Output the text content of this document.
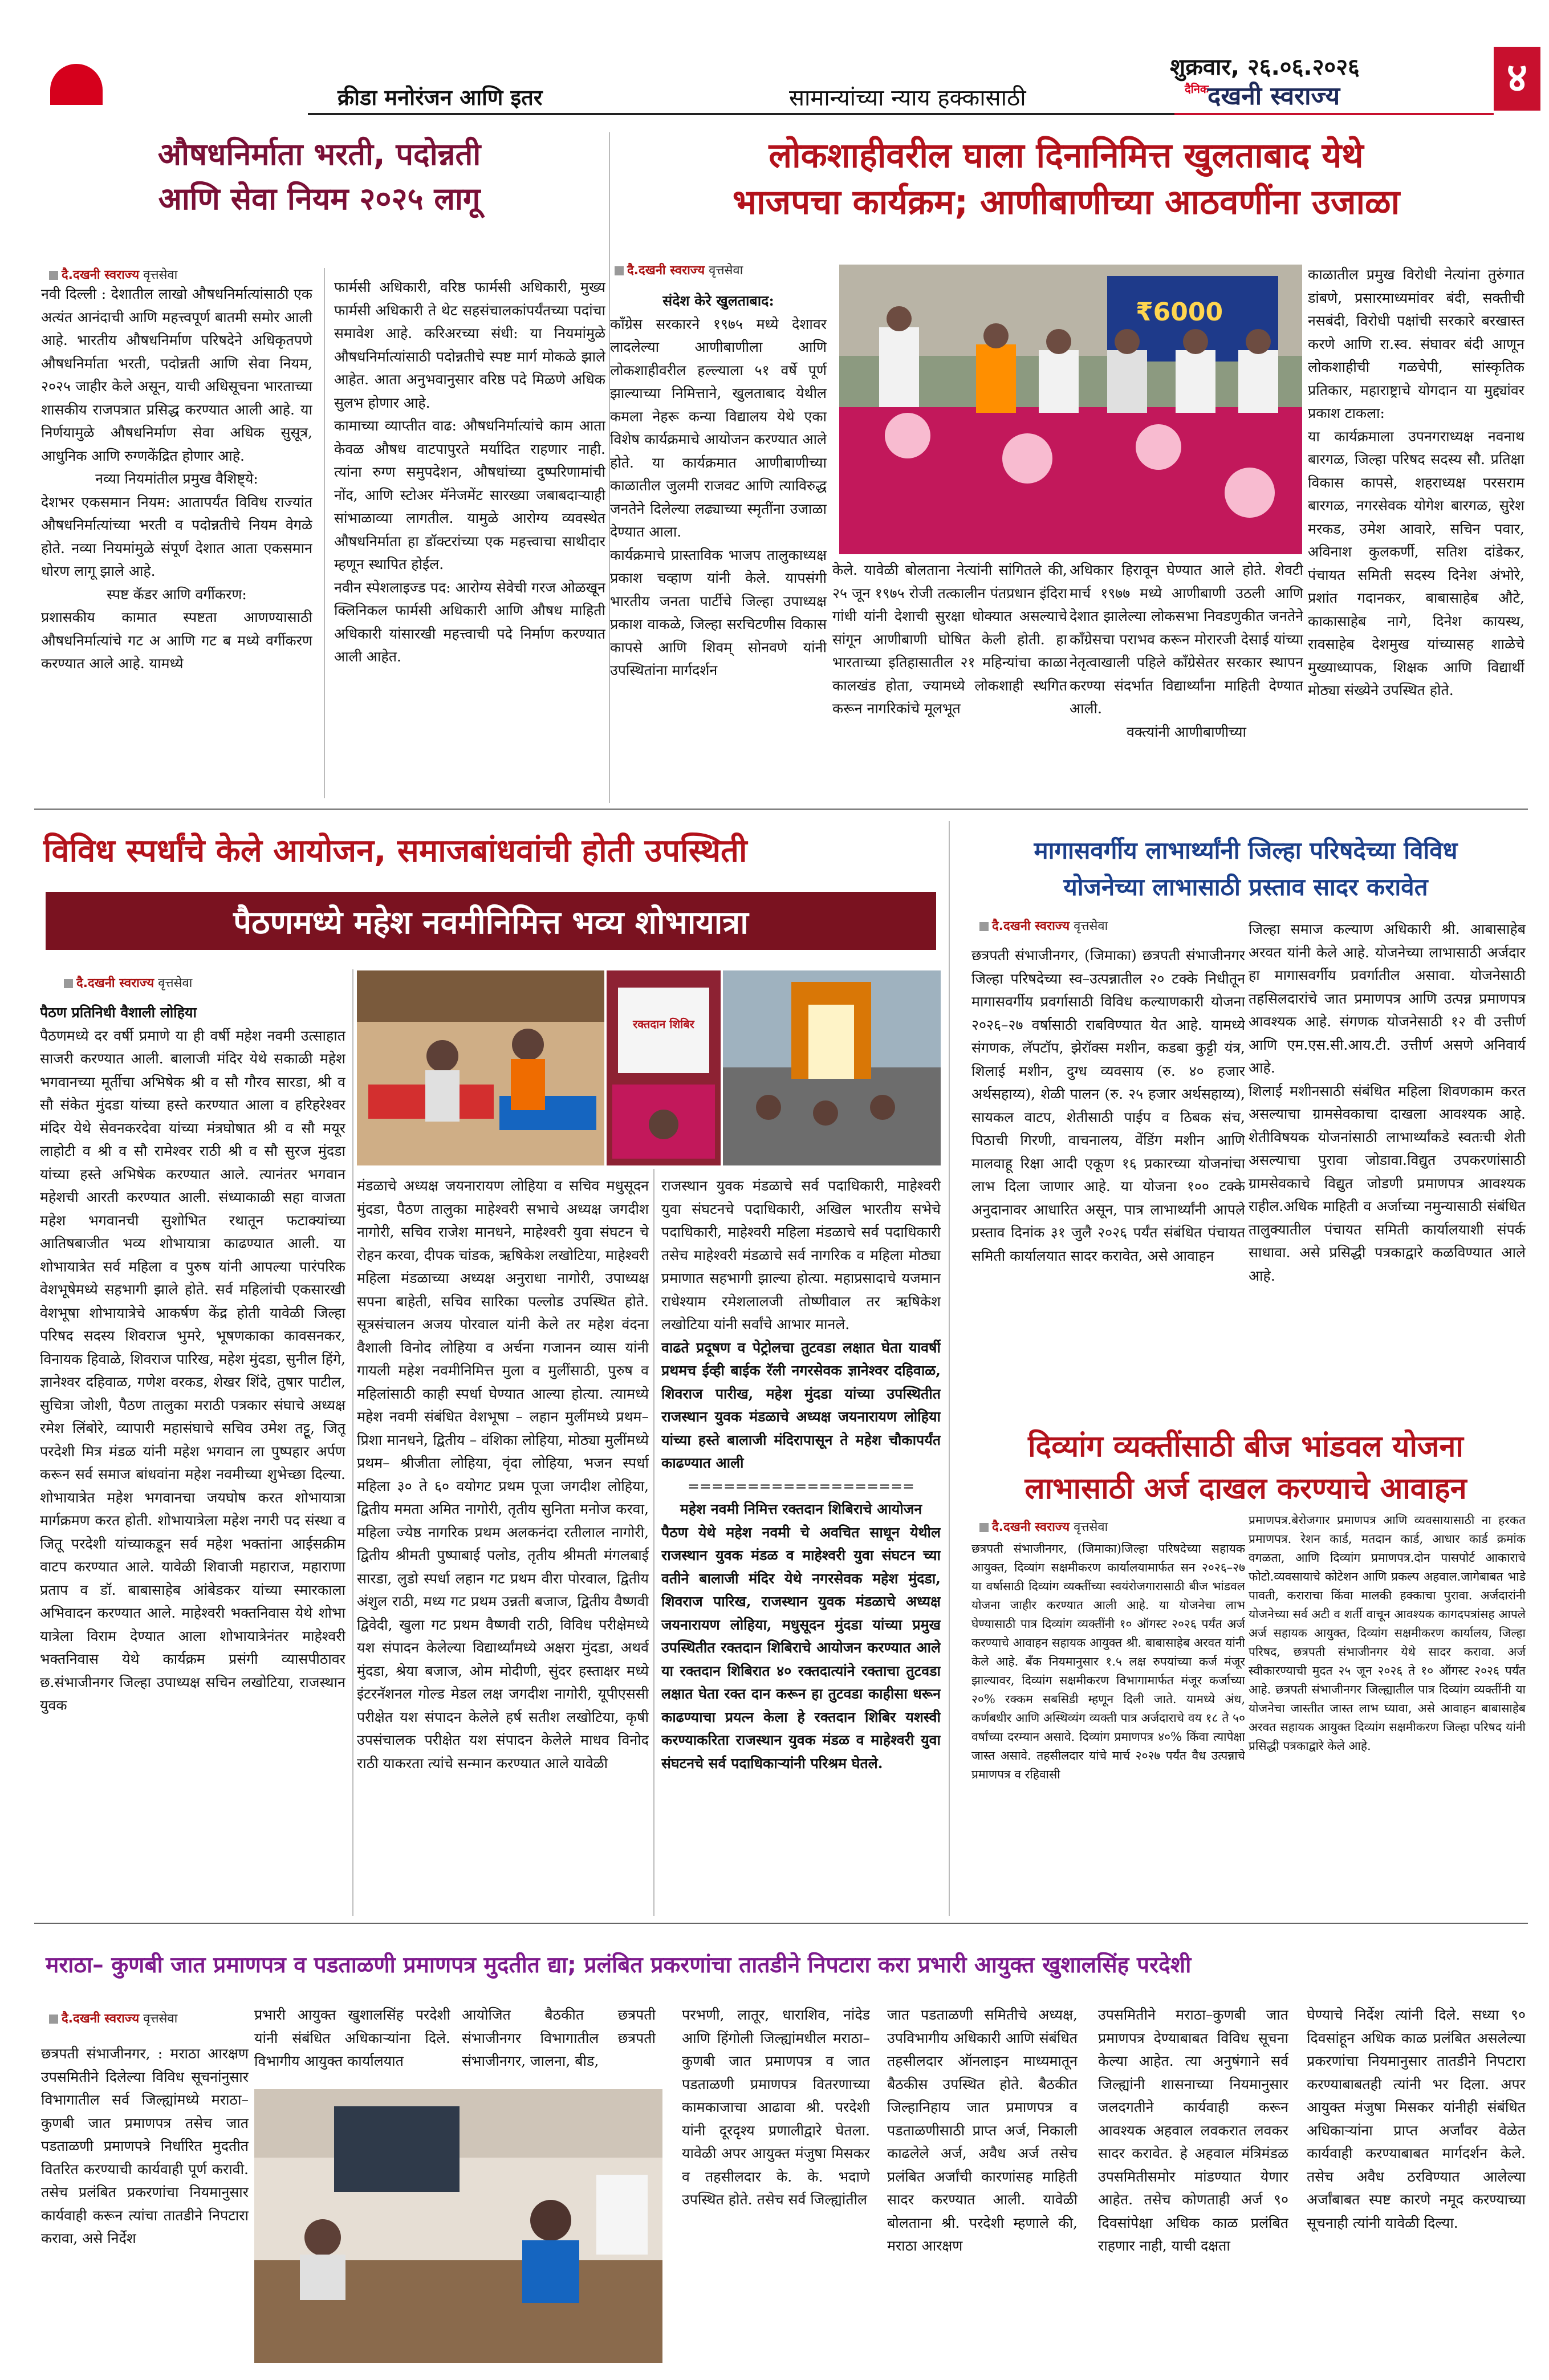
क्रीडा मनोरंजन आणि इतर	सामान्यांच्या न्याय हक्कासाठी
शुक्रवार, २६.०६.२०२६
दैनिक
दखनी स्वराज्य	४
औषधनिर्माता भरती, पदोन्नती
आणि सेवा नियम २०२५ लागू
दै.दखनी स्वराज्य वृत्तसेवा

नवी दिल्ली : देशातील लाखो औषधनिर्मात्यांसाठी एक अत्यंत आनंदाची आणि महत्त्वपूर्ण बातमी समोर आली आहे. भारतीय औषधनिर्माण परिषदेने अधिकृतपणे औषधनिर्माता भरती, पदोन्नती आणि सेवा नियम, २०२५ जाहीर केले असून, याची अधिसूचना भारताच्या शासकीय राजपत्रात प्रसिद्ध करण्यात आली आहे. या निर्णयामुळे औषधनिर्माण सेवा अधिक सुसूत्र, आधुनिक आणि रुग्णकेंद्रित होणार आहे.

नव्या नियमांतील प्रमुख वैशिष्ट्ये:

देशभर एकसमान नियम: आतापर्यंत विविध राज्यांत औषधनिर्मात्यांच्या भरती व पदोन्नतीचे नियम वेगळे होते. नव्या नियमांमुळे संपूर्ण देशात आता एकसमान धोरण लागू झाले आहे.

स्पष्ट कॅडर आणि वर्गीकरण:

प्रशासकीय कामात स्पष्टता आणण्यासाठी औषधनिर्मात्यांचे गट अ आणि गट ब मध्ये वर्गीकरण करण्यात आले आहे. यामध्ये

फार्मसी अधिकारी, वरिष्ठ फार्मसी अधिकारी, मुख्य फार्मसी अधिकारी ते थेट सहसंचालकांपर्यंतच्या पदांचा समावेश आहे. करिअरच्या संधी: या नियमांमुळे औषधनिर्मात्यांसाठी पदोन्नतीचे स्पष्ट मार्ग मोकळे झाले आहेत. आता अनुभवानुसार वरिष्ठ पदे मिळणे अधिक सुलभ होणार आहे.

कामाच्या व्याप्तीत वाढ: औषधनिर्मात्यांचे काम आता केवळ औषध वाटपापुरते मर्यादित राहणार नाही. त्यांना रुग्ण समुपदेशन, औषधांच्या दुष्परिणामांची नोंद, आणि स्टोअर मॅनेजमेंट सारख्या जबाबदाऱ्याही सांभाळाव्या लागतील. यामुळे आरोग्य व्यवस्थेत औषधनिर्माता हा डॉक्टरांच्या एक महत्त्वाचा साथीदार म्हणून स्थापित होईल.

नवीन स्पेशलाइज्ड पद: आरोग्य सेवेची गरज ओळखून क्लिनिकल फार्मसी अधिकारी आणि औषध माहिती अधिकारी यांसारखी महत्त्वाची पदे निर्माण करण्यात आली आहेत.

लोकशाहीवरील घाला दिनानिमित्त खुलताबाद येथे
भाजपचा कार्यक्रम; आणीबाणीच्या आठवणींना उजाळा
दै.दखनी स्वराज्य वृत्तसेवा

संदेश केरे खुलताबाद:

काँग्रेस सरकारने १९७५ मध्ये देशावर लादलेल्या आणीबाणीला आणि लोकशाहीवरील हल्ल्याला ५१ वर्षे पूर्ण झाल्याच्या निमित्ताने, खुलताबाद येथील कमला नेहरू कन्या विद्यालय येथे एका विशेष कार्यक्रमाचे आयोजन करण्यात आले होते. या कार्यक्रमात आणीबाणीच्या काळातील जुलमी राजवट आणि त्याविरुद्ध जनतेने दिलेल्या लढ्याच्या स्मृतींना उजाळा देण्यात आला.

कार्यक्रमाचे प्रास्ताविक भाजप तालुकाध्यक्ष प्रकाश चव्हाण यांनी केले. यापसंगी भारतीय जनता पार्टीचे जिल्हा उपाध्यक्ष प्रकाश वाकळे, जिल्हा सरचिटणीस विकास कापसे आणि शिवम्‌ सोनवणे यांनी उपस्थितांना मार्गदर्शन

₹6000

केले. यावेळी बोलताना नेत्यांनी सांगितले की, २५ जून १९७५ रोजी तत्कालीन पंतप्रधान इंदिरा गांधी यांनी देशाची सुरक्षा धोक्यात असल्याचे सांगून आणीबाणी घोषित केली होती. हा भारताच्या इतिहासातील २१ महिन्यांचा काळा कालखंड होता, ज्यामध्ये लोकशाही स्थगित करून नागरिकांचे मूलभूत

अधिकार हिरावून घेण्यात आले होते. शेवटी मार्च १९७७ मध्ये आणीबाणी उठली आणि देशात झालेल्या लोकसभा निवडणुकीत जनतेने काँग्रेसचा पराभव करून मोरारजी देसाई यांच्या नेतृत्वाखाली पहिले काँग्रेसेतर सरकार स्थापन करण्या संदर्भात विद्यार्थ्यांना माहिती देण्यात आली.

वक्त्यांनी आणीबाणीच्या

काळातील प्रमुख विरोधी नेत्यांना तुरुंगात डांबणे, प्रसारमाध्यमांवर बंदी, सक्तीची नसबंदी, विरोधी पक्षांची सरकारे बरखास्त करणे आणि रा.स्व. संघावर बंदी आणून लोकशाहीची गळचेपी, सांस्कृतिक प्रतिकार, महाराष्ट्राचे योगदान या मुद्द्यांवर प्रकाश टाकला:

या कार्यक्रमाला उपनगराध्यक्ष नवनाथ बारगळ, जिल्हा परिषद सदस्य सौ. प्रतिक्षा विकास कापसे, शहराध्यक्ष परसराम बारगळ, नगरसेवक योगेश बारगळ, सुरेश मरकड, उमेश आवारे, सचिन पवार, अविनाश कुलकर्णी, सतिश दांडेकर, पंचायत समिती सदस्य दिनेश अंभोरे, प्रशांत गदानकर, बाबासाहेब औटे, काकासाहेब नागे, दिनेश कायस्थ, रावसाहेब देशमुख यांच्यासह शाळेचे मुख्याध्यापक, शिक्षक आणि विद्यार्थी मोठ्या संख्येने उपस्थित होते.

विविध स्पर्धांचे केले आयोजन, समाजबांधवांची होती उपस्थिती
पैठणमध्ये महेश नवमीनिमित्त भव्य शोभायात्रा
दै.दखनी स्वराज्य वृत्तसेवा

पैठण प्रतिनिधी वैशाली लोहिया

पैठणमध्ये दर वर्षी प्रमाणे या ही वर्षी महेश नवमी उत्साहात साजरी करण्यात आली. बालाजी मंदिर येथे सकाळी महेश भगवानच्या मूर्तीचा अभिषेक श्री व सौ गौरव सारडा, श्री व सौ संकेत मुंदडा यांच्या हस्ते करण्यात आला व हरिहरेश्वर मंदिर येथे सेवनकरदेवा यांच्या मंत्रघोषात श्री व सौ मयूर लाहोटी व श्री व सौ रामेश्वर राठी श्री व सौ सुरज मुंदडा यांच्या हस्ते अभिषेक करण्यात आले. त्यानंतर भगवान महेशची आरती करण्यात आली. संध्याकाळी सहा वाजता महेश भगवानची सुशोभित रथातून फटाक्यांच्या आतिषबाजीत भव्य शोभायात्रा काढण्यात आली. या शोभायात्रेत सर्व महिला व पुरुष यांनी आपल्या पारंपरिक वेशभूषेमध्ये सहभागी झाले होते. सर्व महिलांची एकसारखी वेशभूषा शोभायात्रेचे आकर्षण केंद्र होती यावेळी जिल्हा परिषद सदस्य शिवराज भुमरे, भूषणकाका कावसनकर, विनायक हिवाळे, शिवराज पारिख, महेश मुंदडा, सुनील हिंगे, ज्ञानेश्वर दहिवाळ, गणेश वरकड, शेखर शिंदे, तुषार पाटील, सुचित्रा जोशी, पैठण तालुका मराठी पत्रकार संघाचे अध्यक्ष रमेश लिंबोरे, व्यापारी महासंघाचे सचिव उमेश तट्टू, जितू परदेशी मित्र मंडळ यांनी महेश भगवान ला पुष्पहार अर्पण करून सर्व समाज बांधवांना महेश नवमीच्या शुभेच्छा दिल्या. शोभायात्रेत महेश भगवानचा जयघोष करत शोभायात्रा मार्गक्रमण करत होती. शोभायात्रेला महेश नगरी पद संस्था व जितू परदेशी यांच्याकडून सर्व महेश भक्तांना आईसक्रीम वाटप करण्यात आले. यावेळी शिवाजी महाराज, महाराणा प्रताप व डॉ. बाबासाहेब आंबेडकर यांच्या स्मारकाला अभिवादन करण्यात आले. माहेश्वरी भक्तनिवास येथे शोभा यात्रेला विराम देण्यात आला शोभायात्रेनंतर माहेश्वरी भक्तनिवास येथे कार्यक्रम प्रसंगी व्यासपीठावर छ.संभाजीनगर जिल्हा उपाध्यक्ष सचिन लखोटिया, राजस्थान युवक

रक्तदान शिबिर

मंडळाचे अध्यक्ष जयनारायण लोहिया व सचिव मधुसूदन मुंदडा, पैठण तालुका माहेश्वरी सभाचे अध्यक्ष जगदीश नागोरी, सचिव राजेश मानधने, माहेश्वरी युवा संघटन चे रोहन करवा, दीपक चांडक, ऋषिकेश लखोटिया, माहेश्वरी महिला मंडळाच्या अध्यक्ष अनुराधा नागोरी, उपाध्यक्ष सपना बाहेती, सचिव सारिका पल्लोड उपस्थित होते. सूत्रसंचालन अजय पोरवाल यांनी केले तर महेश वंदना वैशाली विनोद लोहिया व अर्चना गजानन व्यास यांनी गायली महेश नवमीनिमित्त मुला व मुलींसाठी, पुरुष व महिलांसाठी काही स्पर्धा घेण्यात आल्या होत्या. त्यामध्ये महेश नवमी संबंधित वेशभूषा – लहान मुलींमध्ये प्रथम– प्रिशा मानधने, द्वितीय – वंशिका लोहिया, मोठ्या मुलींमध्ये प्रथम– श्रीजीता लोहिया, वृंदा लोहिया, भजन स्पर्धा महिला ३० ते ६० वयोगट प्रथम पूजा जगदीश लोहिया, द्वितीय ममता अमित नागोरी, तृतीय सुनिता मनोज करवा, महिला ज्येष्ठ नागरिक प्रथम अलकनंदा रतीलाल नागोरी, द्वितीय श्रीमती पुष्पाबाई पलोड, तृतीय श्रीमती मंगलबाई सारडा, लुडो स्पर्धा लहान गट प्रथम वीरा पोरवाल, द्वितीय अंशुल राठी, मध्य गट प्रथम उन्नती बजाज, द्वितीय वैष्णवी द्विवेदी, खुला गट प्रथम वैष्णवी राठी, विविध परीक्षेमध्ये यश संपादन केलेल्या विद्यार्थ्यांमध्ये अक्षरा मुंदडा, अथर्व मुंदडा, श्रेया बजाज, ओम मोदीणी, सुंदर हस्ताक्षर मध्ये इंटरनॅशनल गोल्ड मेडल लक्ष जगदीश नागोरी, यूपीएससी परीक्षेत यश संपादन केलेले हर्ष सतीश लखोटिया, कृषी उपसंचालक परीक्षेत यश संपादन केलेले माधव विनोद राठी याकरता त्यांचे सन्मान करण्यात आले यावेळी

राजस्थान युवक मंडळाचे सर्व पदाधिकारी, माहेश्वरी युवा संघटनचे पदाधिकारी, अखिल भारतीय सभेचे पदाधिकारी, माहेश्वरी महिला मंडळाचे सर्व पदाधिकारी तसेच माहेश्वरी मंडळाचे सर्व नागरिक व महिला मोठ्या प्रमाणात सहभागी झाल्या होत्या. महाप्रसादाचे यजमान राधेश्याम रमेशलालजी तोष्णीवाल तर ऋषिकेश लखोटिया यांनी सर्वांचे आभार मानले.

वाढते प्रदूषण व पेट्रोलचा तुटवडा लक्षात घेता यावर्षी प्रथमच ईव्ही बाईक रॅली नगरसेवक ज्ञानेश्वर दहिवाळ, शिवराज पारीख, महेश मुंदडा यांच्या उपस्थितीत राजस्थान युवक मंडळाचे अध्यक्ष जयनारायण लोहिया यांच्या हस्ते बालाजी मंदिरापासून ते महेश चौकापर्यंत काढण्यात आली

===================

महेश नवमी निमित्त रक्तदान शिबिराचे आयोजन

पैठण येथे महेश नवमी चे अवचित साधून येथील राजस्थान युवक मंडळ व माहेश्वरी युवा संघटन च्या वतीने बालाजी मंदिर येथे नगरसेवक महेश मुंदडा, शिवराज पारिख, राजस्थान युवक मंडळाचे अध्यक्ष जयनारायण लोहिया, मधुसूदन मुंदडा यांच्या प्रमुख उपस्थितीत रक्तदान शिबिराचे आयोजन करण्यात आले या रक्तदान शिबिरात ४० रक्तदात्यांने रक्ताचा तुटवडा लक्षात घेता रक्त दान करून हा तुटवडा काहीसा धरून काढण्याचा प्रयत्न केला हे रक्तदान शिबिर यशस्वी करण्याकरिता राजस्थान युवक मंडळ व माहेश्वरी युवा संघटनचे सर्व पदाधिकाऱ्यांनी परिश्रम घेतले.

मागासवर्गीय लाभार्थ्यांनी जिल्हा परिषदेच्या विविध
योजनेच्या लाभासाठी प्रस्ताव सादर करावेत
दै.दखनी स्वराज्य वृत्तसेवा

छत्रपती संभाजीनगर, (जिमाका) छत्रपती संभाजीनगर जिल्हा परिषदेच्या स्व–उत्पन्नातील २० टक्के निधीतून मागासवर्गीय प्रवर्गासाठी विविध कल्याणकारी योजना २०२६–२७ वर्षासाठी राबविण्यात येत आहे. यामध्ये संगणक, लॅपटॉप, झेरॉक्स मशीन, कडबा कुट्टी यंत्र, शिलाई मशीन, दुग्ध व्यवसाय (रु. ४० हजार अर्थसहाय्य), शेळी पालन (रु. २५ हजार अर्थसहाय्य), सायकल वाटप, शेतीसाठी पाईप व ठिबक संच, पिठाची गिरणी, वाचनालय, वेंडिंग मशीन आणि मालवाहू रिक्षा आदी एकूण १६ प्रकारच्या योजनांचा लाभ दिला जाणार आहे. या योजना १०० टक्के अनुदानावर आधारित असून, पात्र लाभार्थ्यांनी आपले प्रस्ताव दिनांक ३१ जुलै २०२६ पर्यंत संबंधित पंचायत समिती कार्यालयात सादर करावेत, असे आवाहन

जिल्हा समाज कल्याण अधिकारी श्री. आबासाहेब अरवत यांनी केले आहे. योजनेच्या लाभासाठी अर्जदार हा मागासवर्गीय प्रवर्गातील असावा. योजनेसाठी तहसिलदारांचे जात प्रमाणपत्र आणि उत्पन्न प्रमाणपत्र आवश्यक आहे. संगणक योजनेसाठी १२ वी उत्तीर्ण आणि एम.एस.सी.आय.टी. उत्तीर्ण असणे अनिवार्य आहे.

शिलाई मशीनसाठी संबंधित महिला शिवणकाम करत असल्याचा ग्रामसेवकाचा दाखला आवश्यक आहे. शेतीविषयक योजनांसाठी लाभार्थ्यांकडे स्वतःची शेती असल्याचा पुरावा जोडावा.विद्युत उपकरणांसाठी ग्रामसेवकाचे विद्युत जोडणी प्रमाणपत्र आवश्यक राहील.अधिक माहिती व अर्जाच्या नमुन्यासाठी संबंधित तालुक्यातील पंचायत समिती कार्यालयाशी संपर्क साधावा. असे प्रसिद्धी पत्रकाद्वारे कळविण्यात आले आहे.

दिव्यांग व्यक्तींसाठी बीज भांडवल योजना
लाभासाठी अर्ज दाखल करण्याचे आवाहन
दै.दखनी स्वराज्य वृत्तसेवा

छत्रपती संभाजीनगर, (जिमाका)जिल्हा परिषदेच्या सहायक आयुक्त, दिव्यांग सक्षमीकरण कार्यालयामार्फत सन २०२६–२७ या वर्षासाठी दिव्यांग व्यक्तींच्या स्वयंरोजगारासाठी बीज भांडवल योजना जाहीर करण्यात आली आहे. या योजनेचा लाभ घेण्यासाठी पात्र दिव्यांग व्यक्तींनी १० ऑगस्ट २०२६ पर्यंत अर्ज करण्याचे आवाहन सहायक आयुक्त श्री. बाबासाहेब अरवत यांनी केले आहे. बँक नियमानुसार १.५ लक्ष रुपयांच्या कर्ज मंजूर झाल्यावर, दिव्यांग सक्षमीकरण विभागामार्फत मंजूर कर्जाच्या २०% रक्कम सबसिडी म्हणून दिली जाते. यामध्ये अंध, कर्णबधीर आणि अस्थिव्यंग व्यक्ती पात्र अर्जदाराचे वय १८ ते ५० वर्षांच्या दरम्यान असावे. दिव्यांग प्रमाणपत्र ४०% किंवा त्यापेक्षा जास्त असावे. तहसीलदार यांचे मार्च २०२७ पर्यंत वैध उत्पन्नाचे प्रमाणपत्र व रहिवासी

प्रमाणपत्र.बेरोजगार प्रमाणपत्र आणि व्यवसायासाठी ना हरकत प्रमाणपत्र. रेशन कार्ड, मतदान कार्ड, आधार कार्ड क्रमांक वगळता, आणि दिव्यांग प्रमाणपत्र.दोन पासपोर्ट आकाराचे फोटो.व्यवसायाचे कोटेशन आणि प्रकल्प अहवाल.जागेबाबत भाडे पावती, कराराचा किंवा मालकी हक्काचा पुरावा. अर्जदारांनी योजनेच्या सर्व अटी व शर्ती वाचून आवश्यक कागदपत्रांसह आपले अर्ज सहायक आयुक्त, दिव्यांग सक्षमीकरण कार्यालय, जिल्हा परिषद, छत्रपती संभाजीनगर येथे सादर करावा. अर्ज स्वीकारण्याची मुदत २५ जून २०२६ ते १० ऑगस्ट २०२६ पर्यंत आहे. छत्रपती संभाजीनगर जिल्ह्यातील पात्र दिव्यांग व्यक्तींनी या योजनेचा जास्तीत जास्त लाभ घ्यावा, असे आवाहन बाबासाहेब अरवत सहायक आयुक्त दिव्यांग सक्षमीकरण जिल्हा परिषद यांनी प्रसिद्धी पत्रकाद्वारे केले आहे.

मराठा– कुणबी जात प्रमाणपत्र व पडताळणी प्रमाणपत्र मुदतीत द्या; प्रलंबित प्रकरणांचा तातडीने निपटारा करा प्रभारी आयुक्त खुशालसिंह परदेशी
दै.दखनी स्वराज्य वृत्तसेवा

छत्रपती संभाजीनगर, : मराठा आरक्षण उपसमितीने दिलेल्या विविध सूचनांनुसार विभागातील सर्व जिल्ह्यांमध्ये मराठा–कुणबी जात प्रमाणपत्र तसेच जात पडताळणी प्रमाणपत्रे निर्धारित मुदतीत वितरित करण्याची कार्यवाही पूर्ण करावी. तसेच प्रलंबित प्रकरणांचा नियमानुसार कार्यवाही करून त्यांचा तातडीने निपटारा करावा, असे निर्देश

प्रभारी आयुक्त खुशालसिंह परदेशी यांनी संबंधित अधिकाऱ्यांना दिले. विभागीय आयुक्त कार्यालयात

आयोजित बैठकीत छत्रपती संभाजीनगर विभागातील छत्रपती संभाजीनगर, जालना, बीड,

परभणी, लातूर, धाराशिव, नांदेड आणि हिंगोली जिल्ह्यांमधील मराठा–कुणबी जात प्रमाणपत्र व जात पडताळणी प्रमाणपत्र वितरणाच्या कामकाजाचा आढावा श्री. परदेशी यांनी दूरदृश्य प्रणालीद्वारे घेतला. यावेळी अपर आयुक्त मंजुषा मिसकर व तहसीलदार के. के. भदाणे उपस्थित होते. तसेच सर्व जिल्ह्यांतील

जात पडताळणी समितीचे अध्यक्ष, उपविभागीय अधिकारी आणि संबंधित तहसीलदार ऑनलाइन माध्यमातून बैठकीस उपस्थित होते. बैठकीत जिल्हानिहाय जात प्रमाणपत्र व पडताळणीसाठी प्राप्त अर्ज, निकाली काढलेले अर्ज, अवैध अर्ज तसेच प्रलंबित अर्जांची कारणांसह माहिती सादर करण्यात आली. यावेळी बोलताना श्री. परदेशी म्हणाले की, मराठा आरक्षण

उपसमितीने मराठा–कुणबी जात प्रमाणपत्र देण्याबाबत विविध सूचना केल्या आहेत. त्या अनुषंगाने सर्व जिल्ह्यांनी शासनाच्या नियमानुसार जलदगतीने कार्यवाही करून आवश्यक अहवाल लवकरात लवकर सादर करावेत. हे अहवाल मंत्रिमंडळ उपसमितीसमोर मांडण्यात येणार आहेत. तसेच कोणताही अर्ज ९० दिवसांपेक्षा अधिक काळ प्रलंबित राहणार नाही, याची दक्षता

घेण्याचे निर्देश त्यांनी दिले. सध्या ९० दिवसांहून अधिक काळ प्रलंबित असलेल्या प्रकरणांचा नियमानुसार तातडीने निपटारा करण्याबाबतही त्यांनी भर दिला. अपर आयुक्त मंजुषा मिसकर यांनीही संबंधित अधिकाऱ्यांना प्राप्त अर्जांवर वेळेत कार्यवाही करण्याबाबत मार्गदर्शन केले. तसेच अवैध ठरविण्यात आलेल्या अर्जांबाबत स्पष्ट कारणे नमूद करण्याच्या सूचनाही त्यांनी यावेळी दिल्या.
